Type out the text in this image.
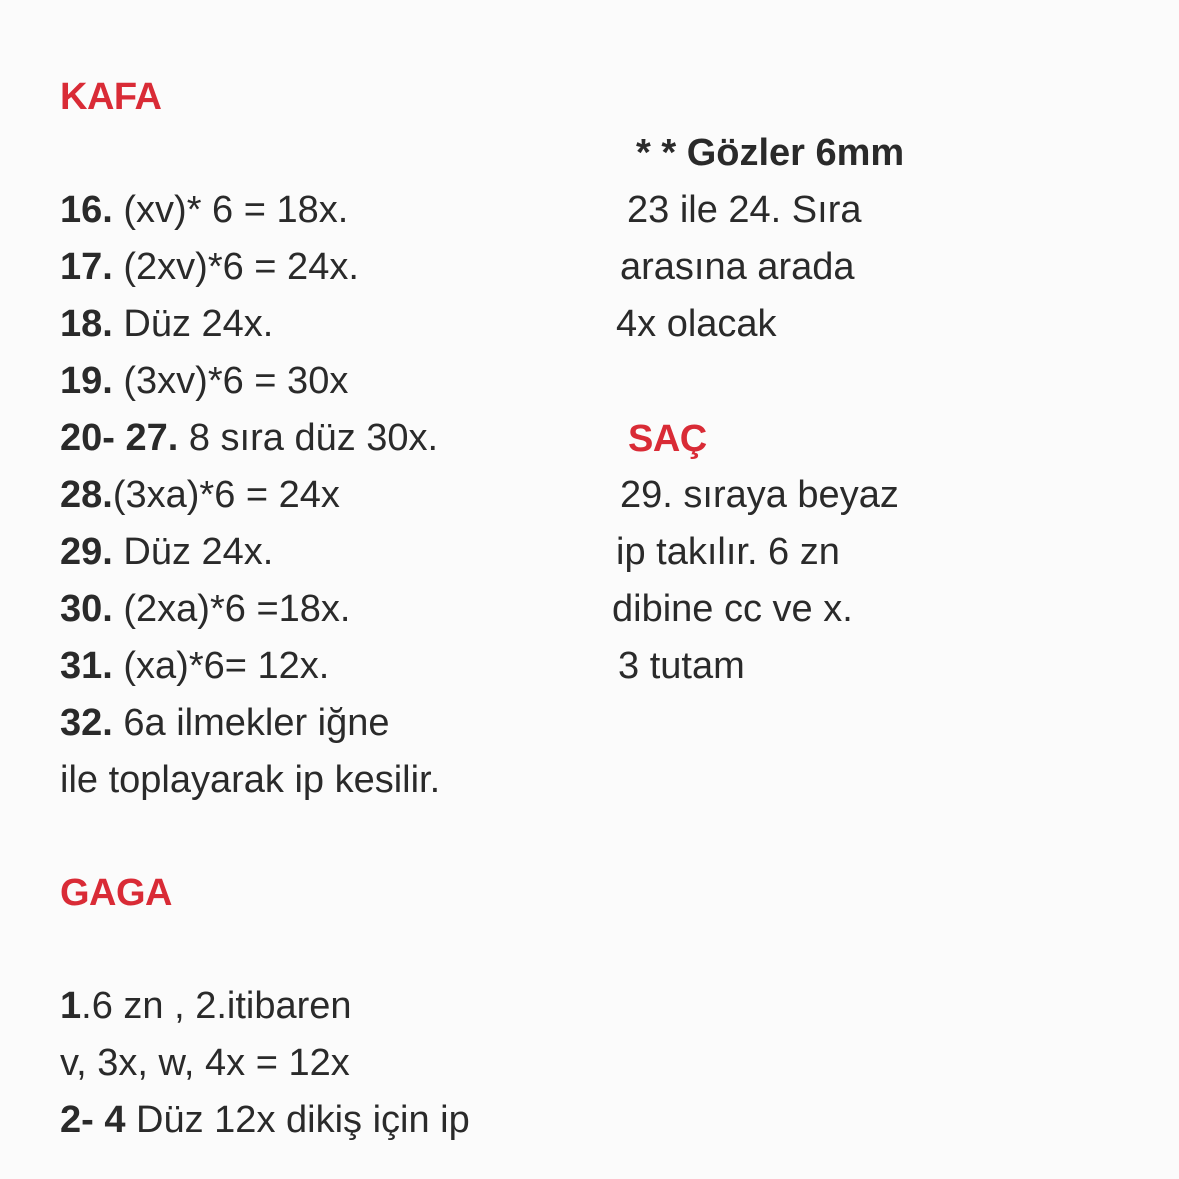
KAFA
16. (xv)* 6 = 18x.
17. (2xv)*6 = 24x.
18. Düz 24x.
19. (3xv)*6 = 30x
20- 27. 8 sıra düz 30x.
28.(3xa)*6 = 24x
29. Düz 24x.
30. (2xa)*6 =18x.
31. (xa)*6= 12x.
32. 6a ilmekler iğne
ile toplayarak ip kesilir.
* * Gözler 6mm
23 ile 24. Sıra
arasına arada
4x olacak
SAÇ
29. sıraya beyaz
ip takılır. 6 zn
dibine cc ve x.
3 tutam
GAGA
1.6 zn , 2.itibaren
v, 3x, w, 4x = 12x
2- 4 Düz 12x dikiş için ip
